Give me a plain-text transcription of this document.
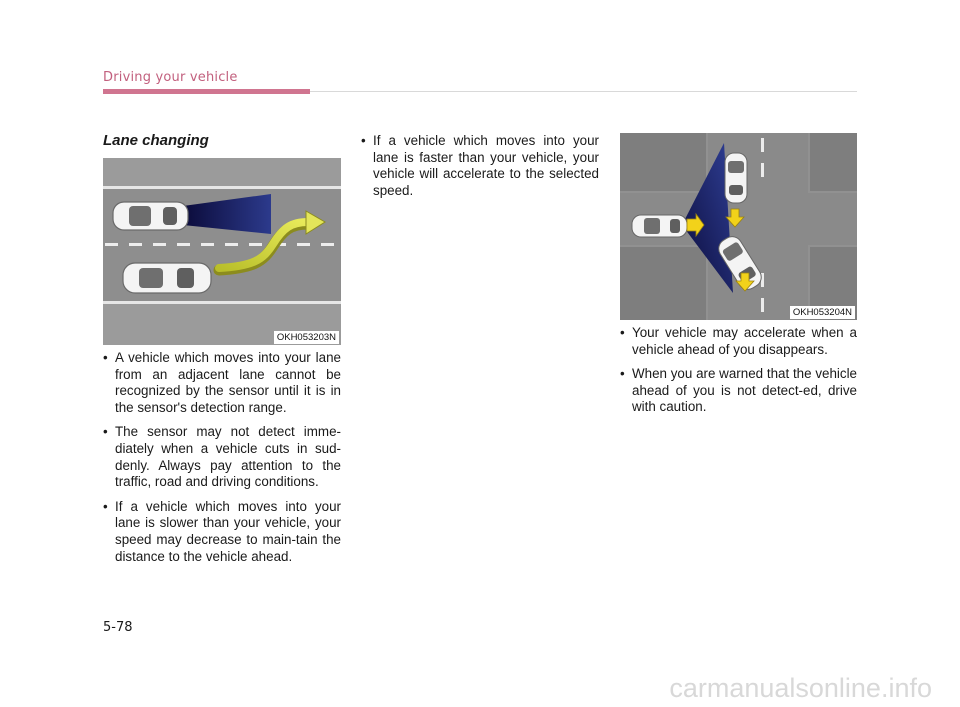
Driving your vehicle
Lane changing
OKH053203N
OKH053204N
• A vehicle which moves into your lane from an adjacent lane cannot be recognized by the sensor until it is in the sensor's detection range.
• The sensor may not detect imme-diately when a vehicle cuts in sud-denly. Always pay attention to the traffic, road and driving conditions.
• If a vehicle which moves into your lane is slower than your vehicle, your speed may decrease to main-tain the distance to the vehicle ahead.
• If a vehicle which moves into your lane is faster than your vehicle, your vehicle will accelerate to the selected speed.
• Your vehicle may accelerate when a vehicle ahead of you disappears.
• When you are warned that the vehicle ahead of you is not detect-ed, drive with caution.
5-78
carmanualsonline.info
